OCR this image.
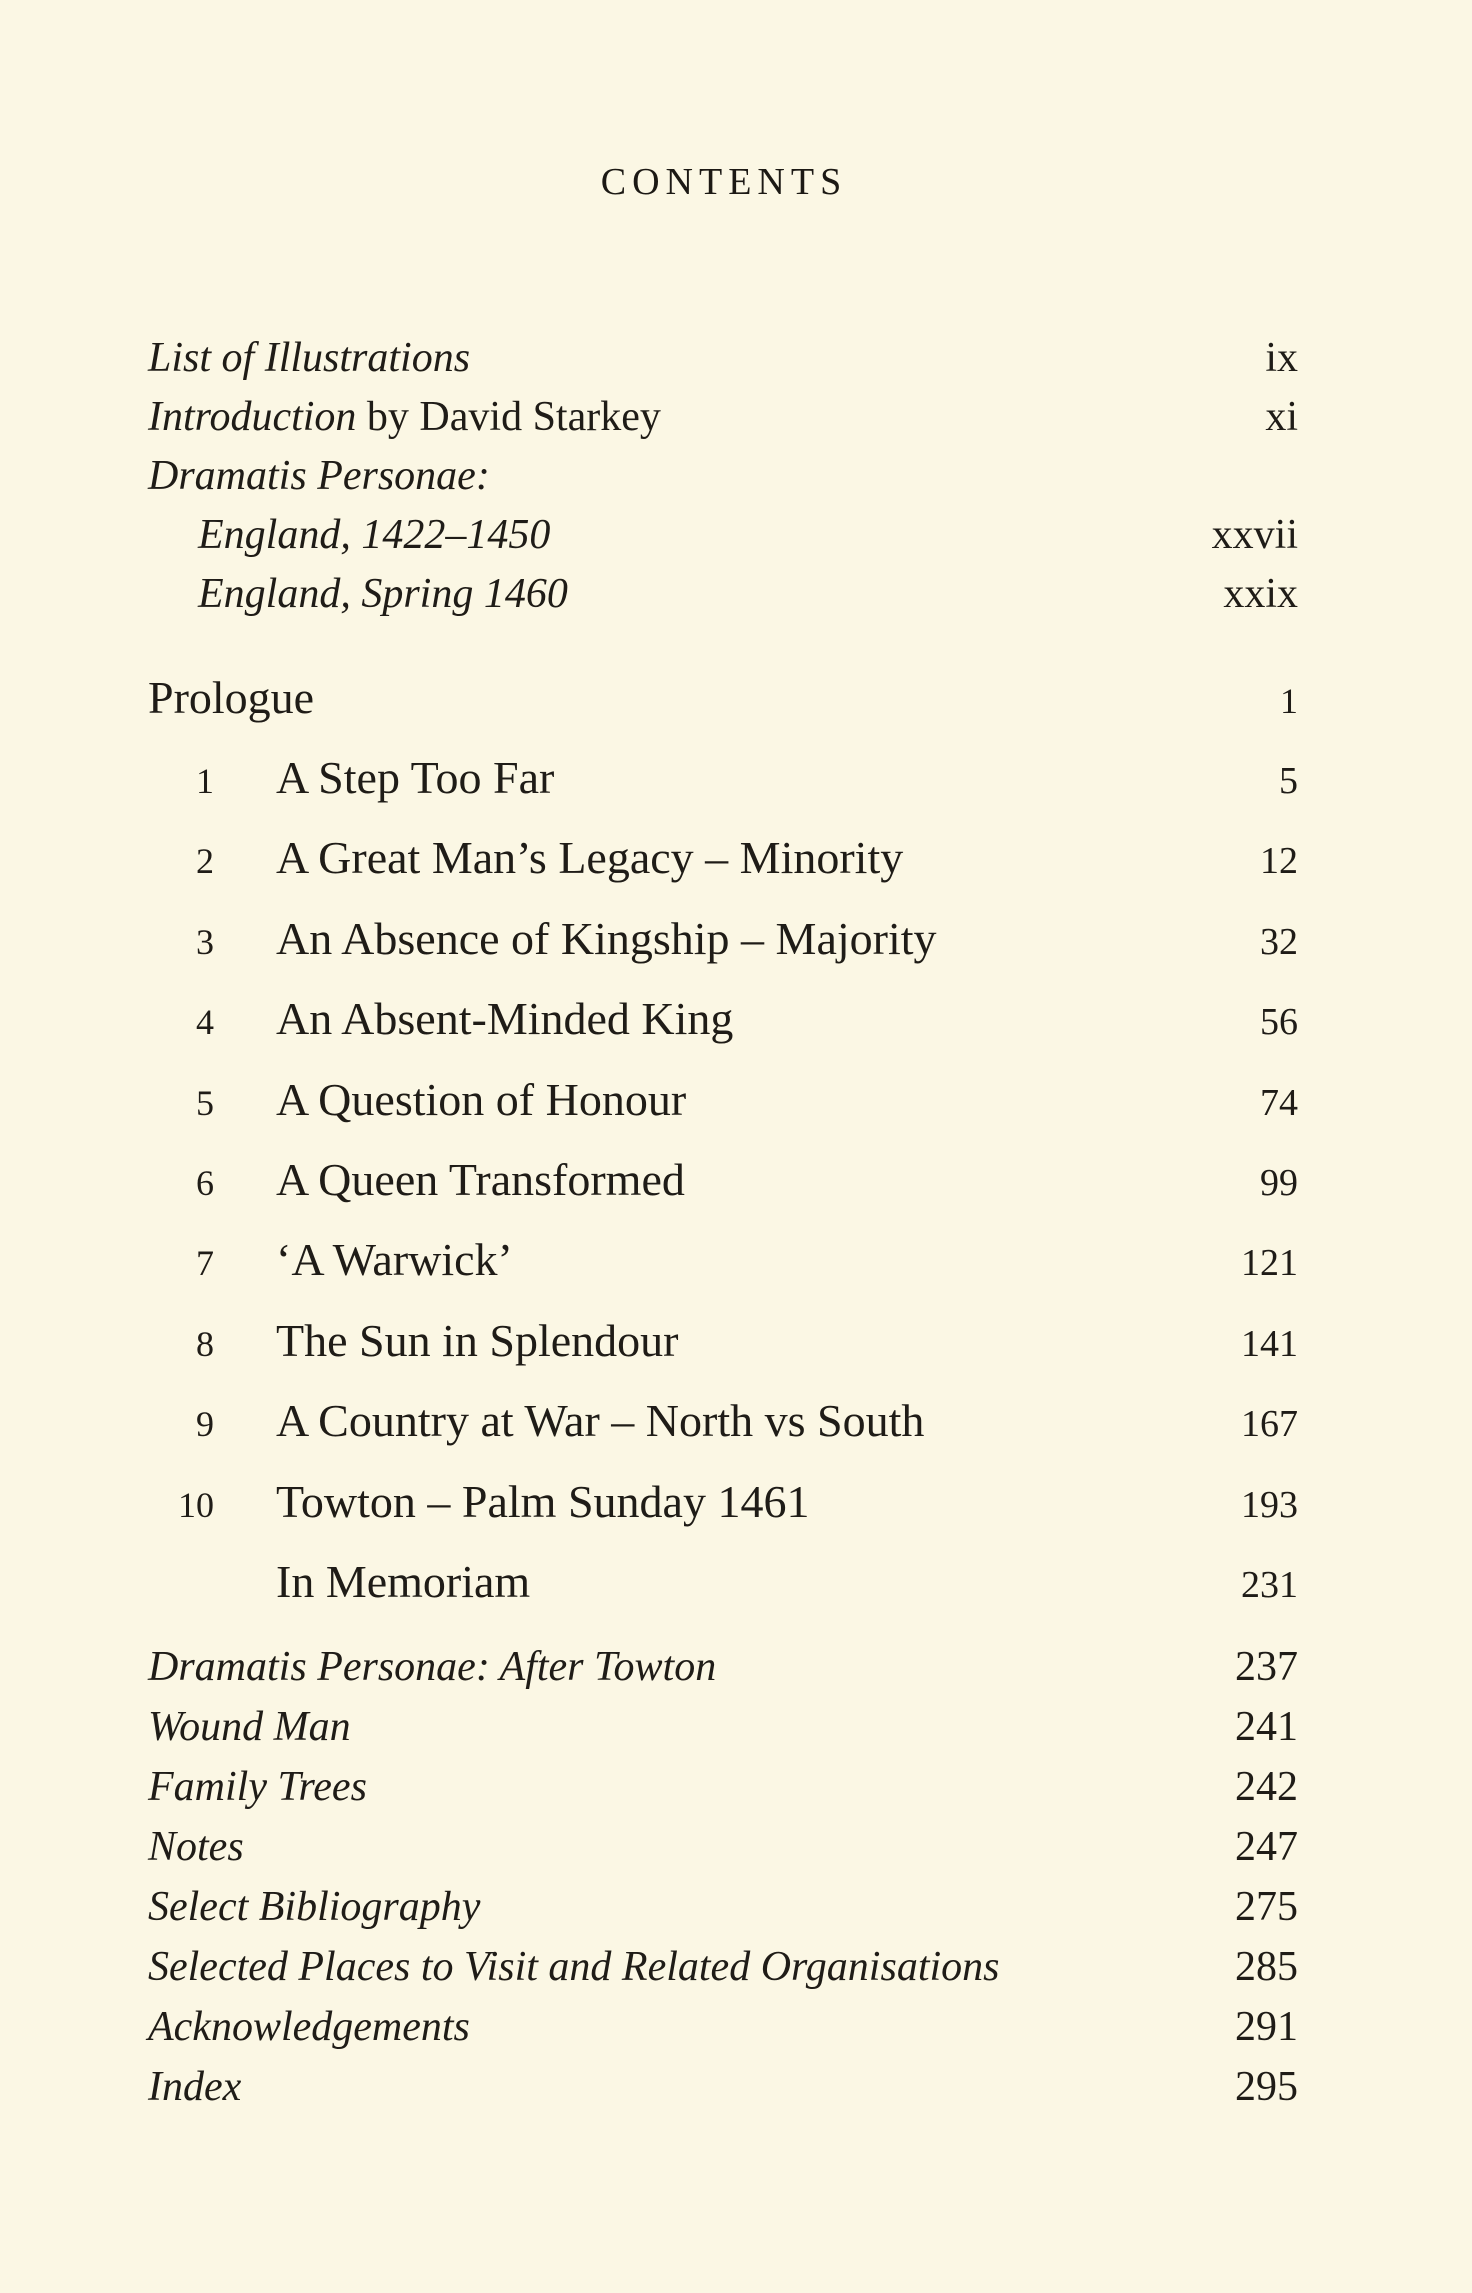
CONTENTS
List of Illustrations	ix
Introduction by David Starkey	xi
Dramatis Personae:
England, 1422–1450	xxvii
England, Spring 1460	xxix
Prologue	1
1	A Step Too Far	5
2	A Great Man’s Legacy – Minority	12
3	An Absence of Kingship – Majority	32
4	An Absent-Minded King	56
5	A Question of Honour	74
6	A Queen Transformed	99
7	‘A Warwick’	121
8	The Sun in Splendour	141
9	A Country at War – North vs South	167
10	Towton – Palm Sunday 1461	193
In Memoriam	231
Dramatis Personae: After Towton	237
Wound Man	241
Family Trees	242
Notes	247
Select Bibliography	275
Selected Places to Visit and Related Organisations	285
Acknowledgements	291
Index	295
